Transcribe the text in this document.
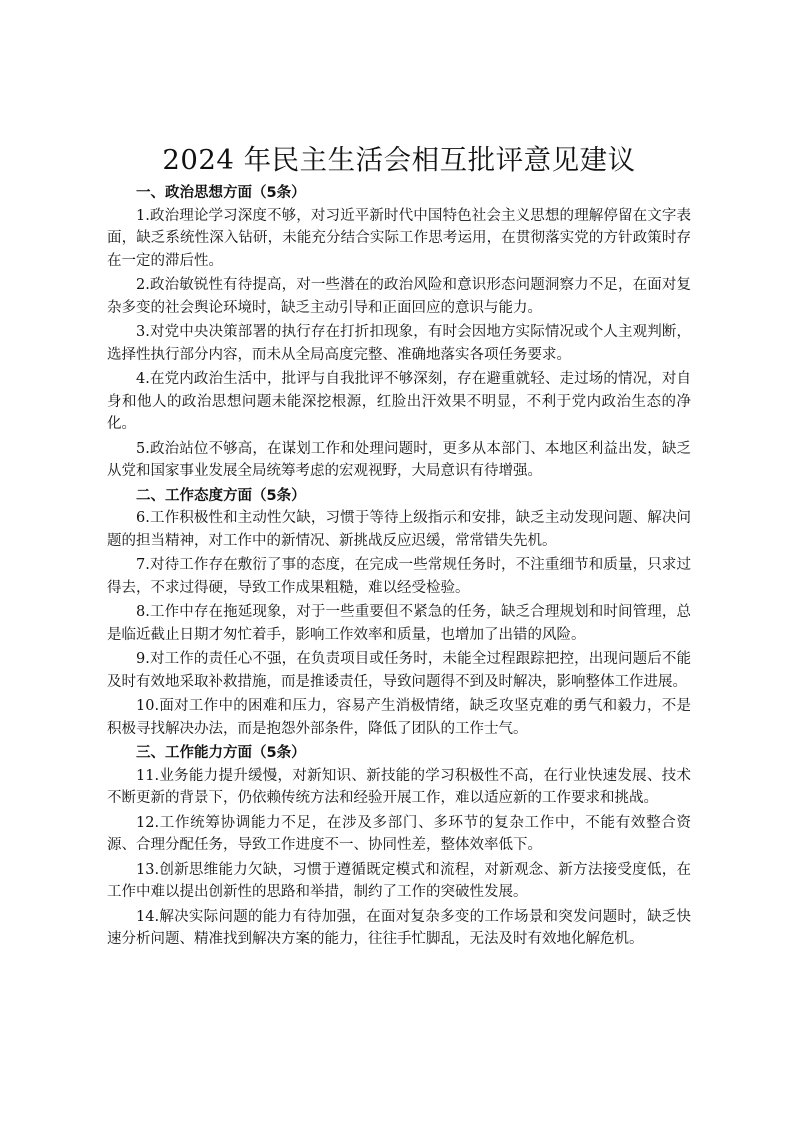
2024 年民主生活会相互批评意见建议

一、政治思想方面（5条）

1.政治理论学习深度不够，对习近平新时代中国特色社会主义思想的理解停留在文字表面，缺乏系统性深入钻研，未能充分结合实际工作思考运用，在贯彻落实党的方针政策时存在一定的滞后性。

2.政治敏锐性有待提高，对一些潜在的政治风险和意识形态问题洞察力不足，在面对复杂多变的社会舆论环境时，缺乏主动引导和正面回应的意识与能力。

3.对党中央决策部署的执行存在打折扣现象，有时会因地方实际情况或个人主观判断，选择性执行部分内容，而未从全局高度完整、准确地落实各项任务要求。

4.在党内政治生活中，批评与自我批评不够深刻，存在避重就轻、走过场的情况，对自身和他人的政治思想问题未能深挖根源，红脸出汗效果不明显，不利于党内政治生态的净化。

5.政治站位不够高，在谋划工作和处理问题时，更多从本部门、本地区利益出发，缺乏从党和国家事业发展全局统筹考虑的宏观视野，大局意识有待增强。

二、工作态度方面（5条）

6.工作积极性和主动性欠缺，习惯于等待上级指示和安排，缺乏主动发现问题、解决问题的担当精神，对工作中的新情况、新挑战反应迟缓，常常错失先机。

7.对待工作存在敷衍了事的态度，在完成一些常规任务时，不注重细节和质量，只求过得去，不求过得硬，导致工作成果粗糙，难以经受检验。

8.工作中存在拖延现象，对于一些重要但不紧急的任务，缺乏合理规划和时间管理，总是临近截止日期才匆忙着手，影响工作效率和质量，也增加了出错的风险。

9.对工作的责任心不强，在负责项目或任务时，未能全过程跟踪把控，出现问题后不能及时有效地采取补救措施，而是推诿责任，导致问题得不到及时解决，影响整体工作进展。

10.面对工作中的困难和压力，容易产生消极情绪，缺乏攻坚克难的勇气和毅力，不是积极寻找解决办法，而是抱怨外部条件，降低了团队的工作士气。

三、工作能力方面（5条）

11.业务能力提升缓慢，对新知识、新技能的学习积极性不高，在行业快速发展、技术不断更新的背景下，仍依赖传统方法和经验开展工作，难以适应新的工作要求和挑战。

12.工作统筹协调能力不足，在涉及多部门、多环节的复杂工作中，不能有效整合资源、合理分配任务，导致工作进度不一、协同性差，整体效率低下。

13.创新思维能力欠缺，习惯于遵循既定模式和流程，对新观念、新方法接受度低，在工作中难以提出创新性的思路和举措，制约了工作的突破性发展。

14.解决实际问题的能力有待加强，在面对复杂多变的工作场景和突发问题时，缺乏快速分析问题、精准找到解决方案的能力，往往手忙脚乱，无法及时有效地化解危机。
